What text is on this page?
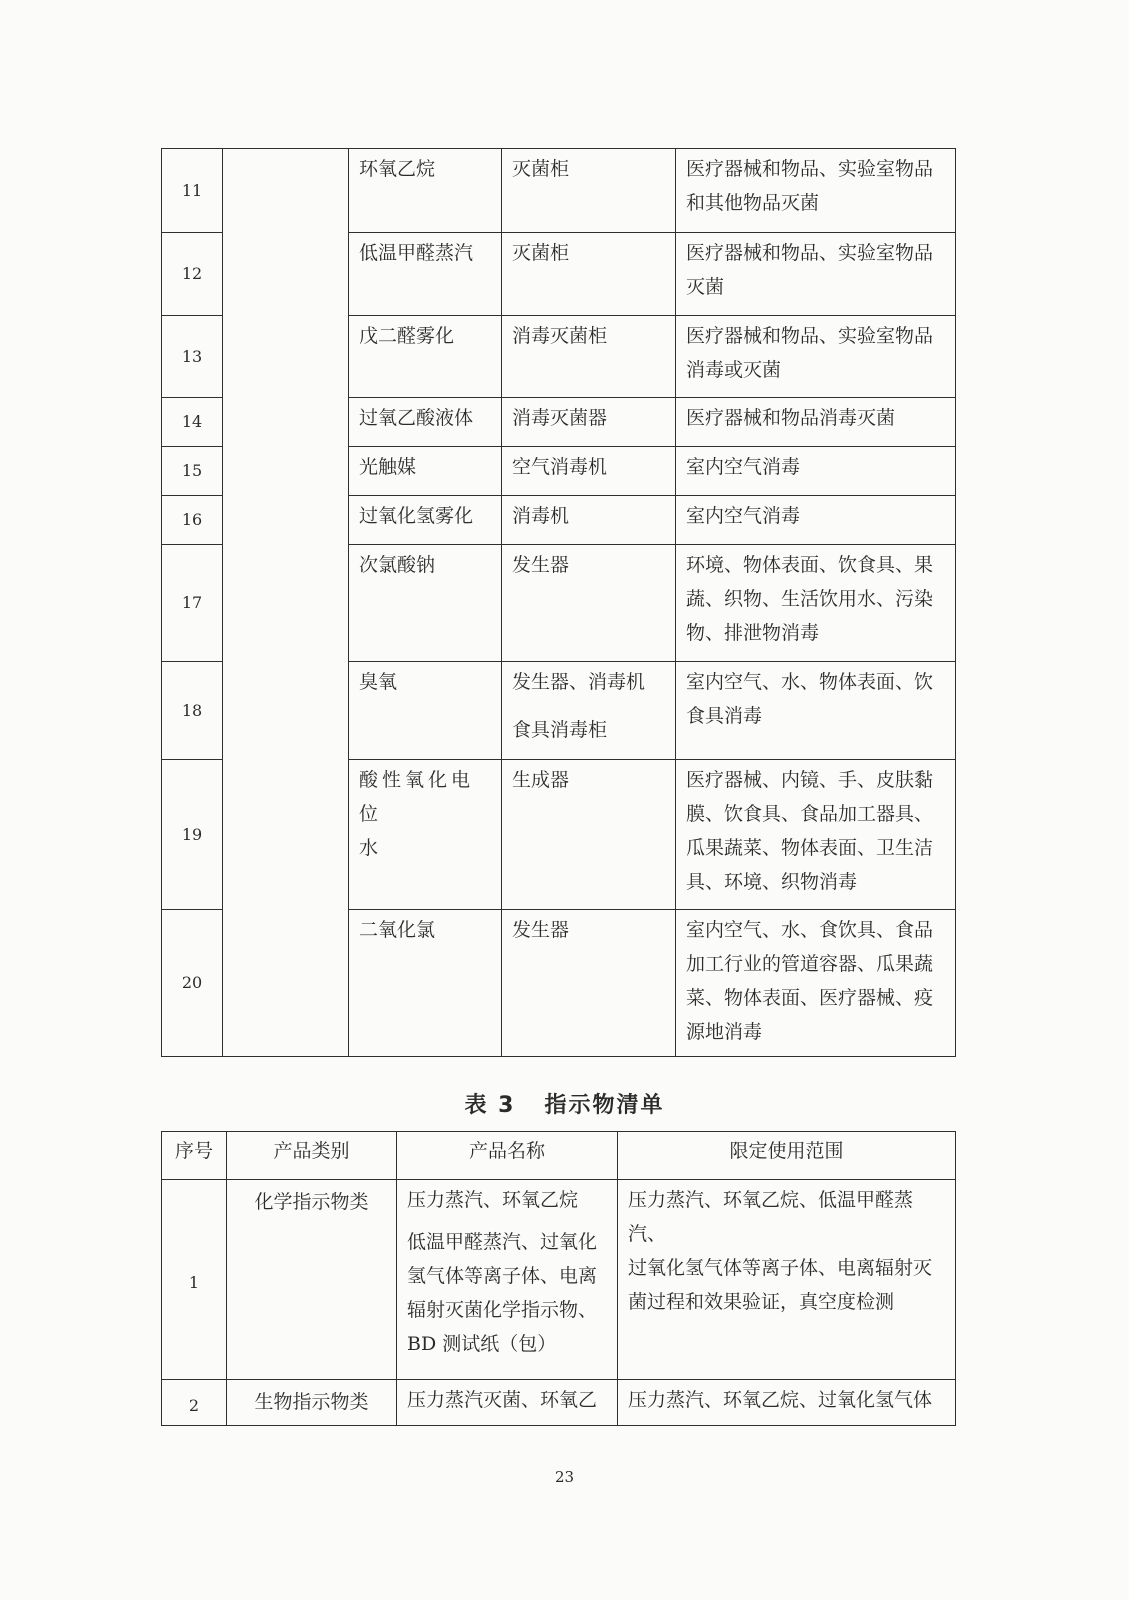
11		环氧乙烷	灭菌柜	医疗器械和物品、实验室物品
和其他物品灭菌

12		低温甲醛蒸汽	灭菌柜	医疗器械和物品、实验室物品
灭菌

13		戊二醛雾化	消毒灭菌柜	医疗器械和物品、实验室物品
消毒或灭菌

14		过氧乙酸液体	消毒灭菌器	医疗器械和物品消毒灭菌

15		光触媒	空气消毒机	室内空气消毒

16		过氧化氢雾化	消毒机	室内空气消毒

17		次氯酸钠	发生器	环境、物体表面、饮食具、果
蔬、织物、生活饮用水、污染
物、排泄物消毒

18		臭氧	发生器、消毒机
食具消毒柜	室内空气、水、物体表面、饮
食具消毒

19		酸性氧化电位
水	生成器	医疗器械、内镜、手、皮肤黏
膜、饮食具、食品加工器具、
瓜果蔬菜、物体表面、卫生洁
具、环境、织物消毒

20		二氧化氯	发生器	室内空气、水、食饮具、食品
加工行业的管道容器、瓜果蔬
菜、物体表面、医疗器械、疫
源地消毒
表 3   指示物清单
序号	产品类别	产品名称	限定使用范围
1	化学指示物类	压力蒸汽、环氧乙烷
低温甲醛蒸汽、过氧化
氢气体等离子体、电离
辐射灭菌化学指示物、
BD 测试纸（包）	压力蒸汽、环氧乙烷、低温甲醛蒸汽、
过氧化氢气体等离子体、电离辐射灭
菌过程和效果验证，真空度检测

2	生物指示物类	压力蒸汽灭菌、环氧乙	压力蒸汽、环氧乙烷、过氧化氢气体
23
